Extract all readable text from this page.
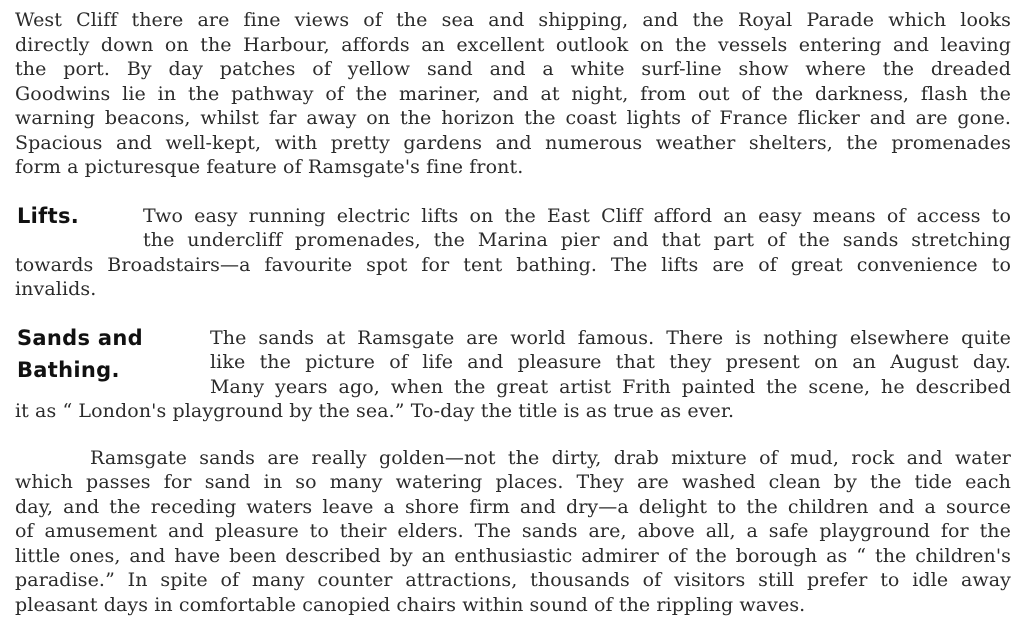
West Cliff there are fine views of the sea and shipping, and the Royal Parade which looks
directly down on the Harbour, affords an excellent outlook on the vessels entering and leaving
the port. By day patches of yellow sand and a white surf-line show where the dreaded
Goodwins lie in the pathway of the mariner, and at night, from out of the darkness, flash the
warning beacons, whilst far away on the horizon the coast lights of France flicker and are gone.
Spacious and well-kept, with pretty gardens and numerous weather shelters, the promenades
form a picturesque feature of Ramsgate's fine front.
Lifts.	Two easy running electric lifts on the East Cliff afford an easy means of access to
the undercliff promenades, the Marina pier and that part of the sands stretching
towards Broadstairs—a favourite spot for tent bathing. The lifts are of great convenience to
invalids.
Sands and
Bathing.
The sands at Ramsgate are world famous. There is nothing elsewhere quite
like the picture of life and pleasure that they present on an August day.
Many years ago, when the great artist Frith painted the scene, he described
it as “ London's playground by the sea.” To-day the title is as true as ever.
Ramsgate sands are really golden—not the dirty, drab mixture of mud, rock and water
which passes for sand in so many watering places. They are washed clean by the tide each
day, and the receding waters leave a shore firm and dry—a delight to the children and a source
of amusement and pleasure to their elders. The sands are, above all, a safe playground for the
little ones, and have been described by an enthusiastic admirer of the borough as “ the children's
paradise.” In spite of many counter attractions, thousands of visitors still prefer to idle away
pleasant days in comfortable canopied chairs within sound of the rippling waves.
